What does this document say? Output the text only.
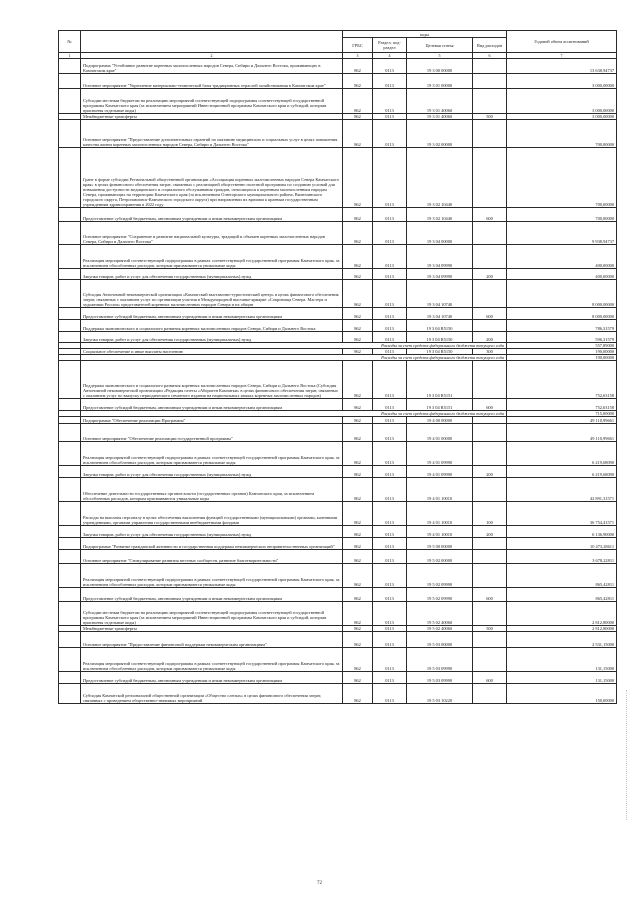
№		коды				Годовой объем ассигнований
		ГРБС	Раздел, под-раздел	Целевая статья	Вид расходов	
1	2	3	4	5	6	7
	Подпрограмма "Устойчивое развитие коренных малочисленных народов Севера, Сибири и Дальнего Востока, проживающих в Камчатском крае"	862	0113	19 3 00 00000		13 638,94737
	Основное мероприятие "Укрепление материально-технической базы традиционных отраслей хозяйствования в Камчатском крае"	862	0113	19 3 01 00000		3 000,00000
	Субсидии местным бюджетам на реализацию мероприятий соответствующей подпрограммы соответствующей государственной программы Камчатского края (за исключением мероприятий Инвестиционной программы Камчатского края и субсидий, которым присвоены отдельные коды)	862	0113	19 3 01 40060		3 000,00000
	Межбюджетные трансферты	862	0113	19 3 01 40060	500	3 000,00000
	Основное мероприятие "Предоставление дополнительных гарантий по оказанию медицинских и социальных услуг в целях повышения качества жизни коренных малочисленных народов Севера, Сибири и Дальнего Востока"	862	0113	19 3 02 00000		700,00000
	Грант в форме субсидии Региональной общественной организации «Ассоциация коренных малочисленных народов Севера Камчатского края» в целях финансового обеспечения затрат, связанных с реализацией общественно полезной программы по созданию условий для повышения доступности медицинского и социального обслуживания граждан, относящихся к коренным малочисленным народам Севера, проживающих на территории Камчатского края (за исключением Олюторского муниципального района, Вилючинского городского округа, Петропавловск-Камчатского городского округа) при направлении их врачами к краевым государственным учреждениям здравоохранения в 2022 году	862	0113	19 3 02 10440		700,00000
	Предоставление субсидий бюджетным, автономным учреждениям и иным некоммерческим организациям	862	0113	19 3 02 10440	600	700,00000
	Основное мероприятие "Сохранение и развитие национальной культуры, традиций и обычаев коренных малочисленных народов Севера, Сибири и Дальнего Востока"	862	0113	19 3 04 00000		9 938,94737
	Реализация мероприятий соответствующей подпрограммы в рамках соответствующей государственной программы Камчатского края, за исключением обособленных расходов, которым присваиваются уникальные коды	862	0113	19 3 04 09990		400,00000
	Закупка товаров, работ и услуг для обеспечения государственных (муниципальных) нужд	862	0113	19 3 04 09990	200	400,00000
	Субсидия Автономной некоммерческой организации «Камчатский выставочно-туристический центр» в целях финансового обеспечения затрат, связанных с оказанием услуг по организации участия в Международной выставке-ярмарке «Сокровища Севера. Мастера и художники России» представителей коренных малочисленных народов Севера и их общин	862	0113	19 3 04 10740		8 000,00000
	Предоставление субсидий бюджетным, автономным учреждениям и иным некоммерческим организациям	862	0113	19 3 04 10740	600	8 000,00000
	Поддержка экономического и социального развития коренных малочисленных народов Севера, Сибири и Дальнего Востока	862	0113	19 3 04 R5150		786,31579
	Закупка товаров, работ и услуг для обеспечения государственных (муниципальных) нужд	862	0113	19 3 04 R5150	200	596,31579
	Расходы за счет средств федерального бюджета текущего года					557,89000
	Социальное обеспечение и иные выплаты населению	862	0113	19 3 04 R5150	300	190,00000
	Расходы за счет средств федерального бюджета текущего года					190,00000
	Поддержка экономического и социального развития коренных малочисленных народов Севера, Сибири и Дальнего Востока (Субсидия Автономной некоммерческой организации «Редакция газеты «Абориген Камчатки» в целях финансового обеспечения затрат, связанных с оказанием услуг по выпуску периодического печатного издания на национальных языках коренных малочисленных народов)	862	0113	19 3 04 R5151		752,63158
	Предоставление субсидий бюджетным, автономным учреждениям и иным некоммерческим организациям	862	0113	19 3 04 R5151	600	752,63158
	Расходы за счет средств федерального бюджета текущего года					715,00000
	Подпрограмма "Обеспечение реализации Программы"	862	0113	19 4 00 00000		49 110,99661
	Основное мероприятие "Обеспечение реализации государственной программы"	862	0113	19 4 01 00000		49 110,99661
	Реализация мероприятий соответствующей подпрограммы в рамках соответствующей государственной программы Камчатского края, за исключением обособленных расходов, которым присваиваются уникальные коды	862	0113	19 4 01 09990		6 219,68090
	Закупка товаров, работ и услуг для обеспечения государственных (муниципальных) нужд	862	0113	19 4 01 09990	200	6 219,68090
	Обеспечение деятельности государственных органов власти (государственных органов) Камчатского края, за исключением обособленных расходов, которым присваиваются уникальные коды	862	0113	19 4 01 10010		42 891,31571
	Расходы на выплаты персоналу в целях обеспечения выполнения функций государственными (муниципальными) органами, казенными учреждениями, органами управления государственными внебюджетными фондами	862	0113	19 4 01 10010	100	36 754,41571
	Закупка товаров, работ и услуг для обеспечения государственных (муниципальных) нужд	862	0113	19 4 01 10010	200	6 136,90000
	Подпрограмма "Развитие гражданской активности и государственная поддержка некоммерческих неправительственных организаций"	862	0113	19 5 00 00000		10 473,28611
	Основное мероприятие "Стимулирование развития местных сообществ, развитие благотворительности"	862	0113	19 5 02 00000		3 678,22811
	Реализация мероприятий соответствующей подпрограммы в рамках соответствующей государственной программы Камчатского края, за исключением обособленных расходов, которым присваиваются уникальные коды	862	0113	19 5 02 09990		865,42811
	Предоставление субсидий бюджетным, автономным учреждениям и иным некоммерческим организациям	862	0113	19 5 02 09990	600	865,42811
	Субсидии местным бюджетам на реализацию мероприятий соответствующей подпрограммы соответствующей государственной программы Камчатского края (за исключением мероприятий Инвестиционной программы Камчатского края и субсидий, которым присвоены отдельные коды)	862	0113	19 5 02 40060		2 812,80000
	Межбюджетные трансферты	862	0113	19 5 02 40060	500	2 812,80000
	Основное мероприятие "Предоставление финансовой поддержки некоммерческим организациям"	862	0113	19 5 03 00000		2 531,15000
	Реализация мероприятий соответствующей подпрограммы в рамках соответствующей государственной программы Камчатского края, за исключением обособленных расходов, которым присваиваются уникальные коды	862	0113	19 5 03 09990		131,15000
	Предоставление субсидий бюджетным, автономным учреждениям и иным некоммерческим организациям	862	0113	19 5 03 09990	600	131,15000
	Субсидия Камчатской региональной общественной организации «Общество слепых» в целях финансового обеспечения затрат, связанных с проведением общественно-значимых мероприятий	862	0113	19 5 03 10220		150,00000
72
